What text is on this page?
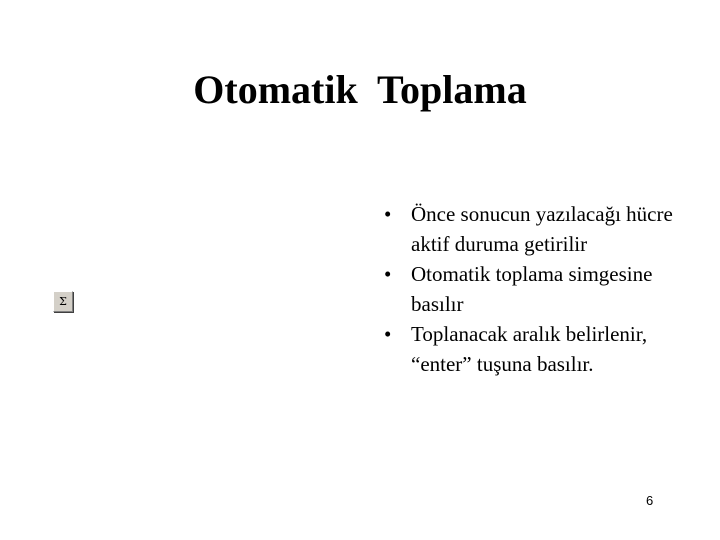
Otomatik  Toplama
Σ
• Önce sonucun yazılacağı hücre aktif duruma getirilir
• Otomatik toplama simgesine basılır
• Toplanacak aralık belirlenir, “enter” tuşuna basılır.
6
